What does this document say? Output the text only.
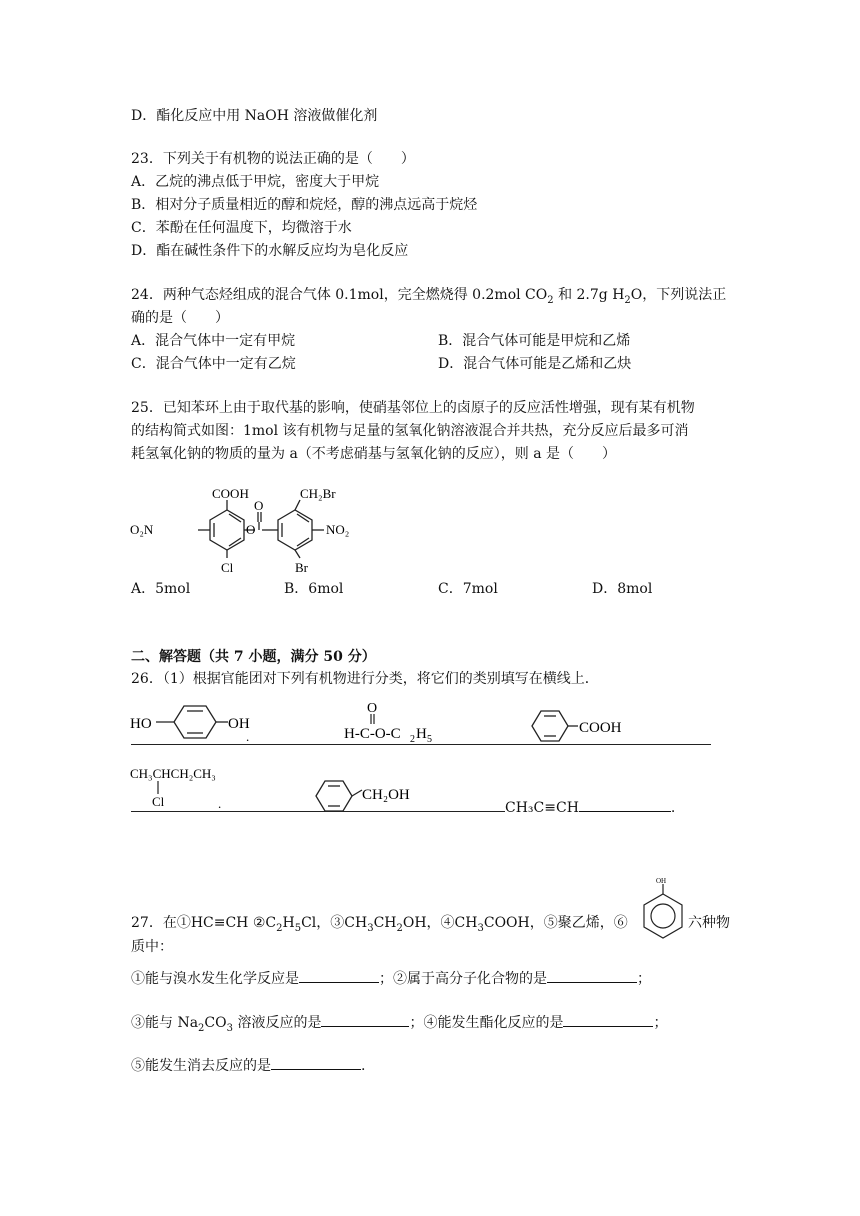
D．酯化反应中用 NaOH 溶液做催化剂
23．下列关于有机物的说法正确的是（　　）
A．乙烷的沸点低于甲烷，密度大于甲烷
B．相对分子质量相近的醇和烷烃，醇的沸点远高于烷烃
C．苯酚在任何温度下，均微溶于水
D．酯在碱性条件下的水解反应均为皂化反应
24．两种气态烃组成的混合气体 0.1mol，完全燃烧得 0.2mol $CO_2$ 和 2.7g $H_2O$，下列说法正
确的是（　　）
A．混合气体中一定有甲烷	B．混合气体可能是甲烷和乙烯
C．混合气体中一定有乙烷	D．混合气体可能是乙烯和乙炔
25．已知苯环上由于取代基的影响，使硝基邻位上的卤原子的反应活性增强，现有某有机物
的结构简式如图：1mol 该有机物与足量的氢氧化钠溶液混合并共热，充分反应后最多可消
耗氢氧化钠的物质的量为 a（不考虑硝基与氢氧化钠的反应），则 a 是（　　）
COOH
O₂N
Cl
O
O
CH₂Br
NO₂
Br
A．5mol	B．6mol	C．7mol	D．8mol
二、解答题（共 7 小题，满分 50 分）
26．（1）根据官能团对下列有机物进行分类，将它们的类别填写在横线上．
HO	OH
.
O
H-C-O-C 2 H 5
COOH
CH₃CHCH₂CH₃
Cl	.
CH₂OH
CH₃C≡CH	.
27．在①HC≡CH $②C_2H_5Cl$，$③CH_3CH_2OH$，$④CH_3COOH$，⑤聚乙烯，⑥
OH
六种物
质中：
①能与溴水发生化学反应是	；②属于高分子化合物的是	；
③能与 $Na_2CO_3$ 溶液反应的是	；④能发生酯化反应的是	；
⑤能发生消去反应的是	.
